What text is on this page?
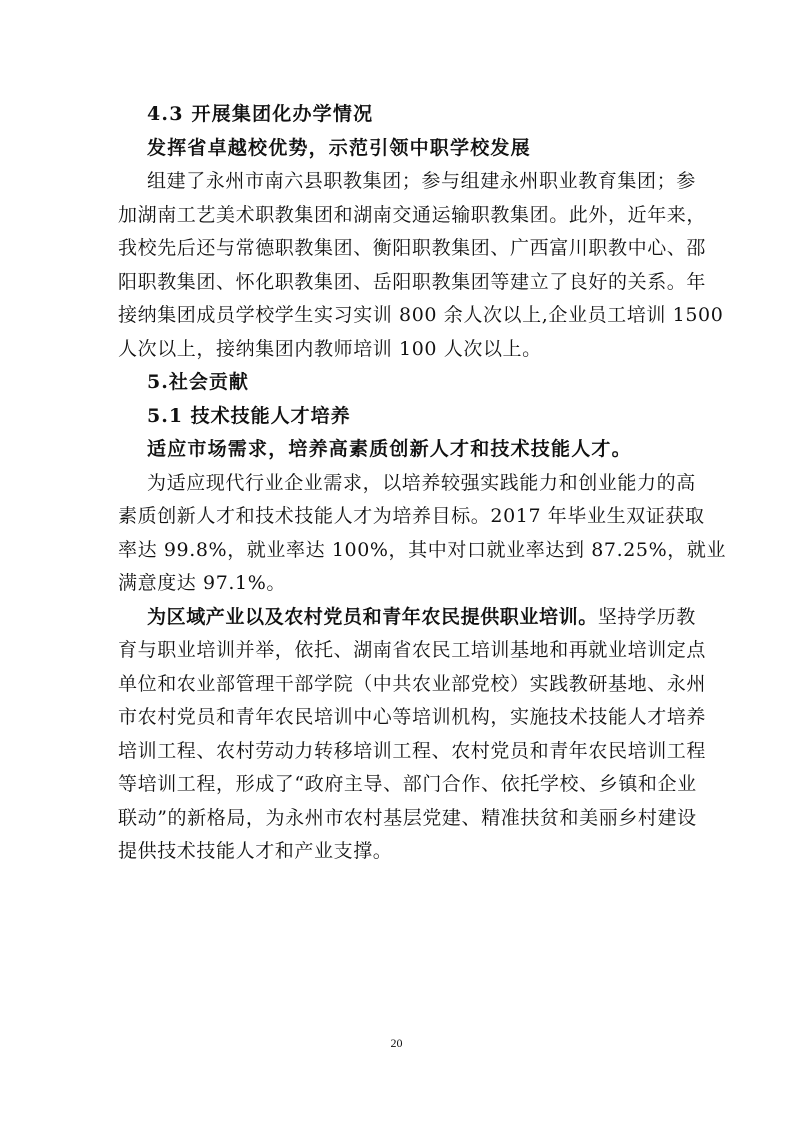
4.3 开展集团化办学情况

发挥省卓越校优势，示范引领中职学校发展

组建了永州市南六县职教集团；参与组建永州职业教育集团；参

加湖南工艺美术职教集团和湖南交通运输职教集团。此外，近年来，

我校先后还与常德职教集团、衡阳职教集团、广西富川职教中心、邵

阳职教集团、怀化职教集团、岳阳职教集团等建立了良好的关系。年

接纳集团成员学校学生实习实训 800 余人次以上,企业员工培训 1500

人次以上，接纳集团内教师培训 100 人次以上。

5.社会贡献

5.1 技术技能人才培养

适应市场需求，培养高素质创新人才和技术技能人才。

为适应现代行业企业需求，以培养较强实践能力和创业能力的高

素质创新人才和技术技能人才为培养目标。2017 年毕业生双证获取

率达 99.8%，就业率达 100%，其中对口就业率达到 87.25%，就业

满意度达 97.1%。

为区域产业以及农村党员和青年农民提供职业培训。坚持学历教

育与职业培训并举，依托、湖南省农民工培训基地和再就业培训定点

单位和农业部管理干部学院（中共农业部党校）实践教研基地、永州

市农村党员和青年农民培训中心等培训机构，实施技术技能人才培养

培训工程、农村劳动力转移培训工程、农村党员和青年农民培训工程

等培训工程，形成了“政府主导、部门合作、依托学校、乡镇和企业

联动”的新格局，为永州市农村基层党建、精准扶贫和美丽乡村建设

提供技术技能人才和产业支撑。

20
